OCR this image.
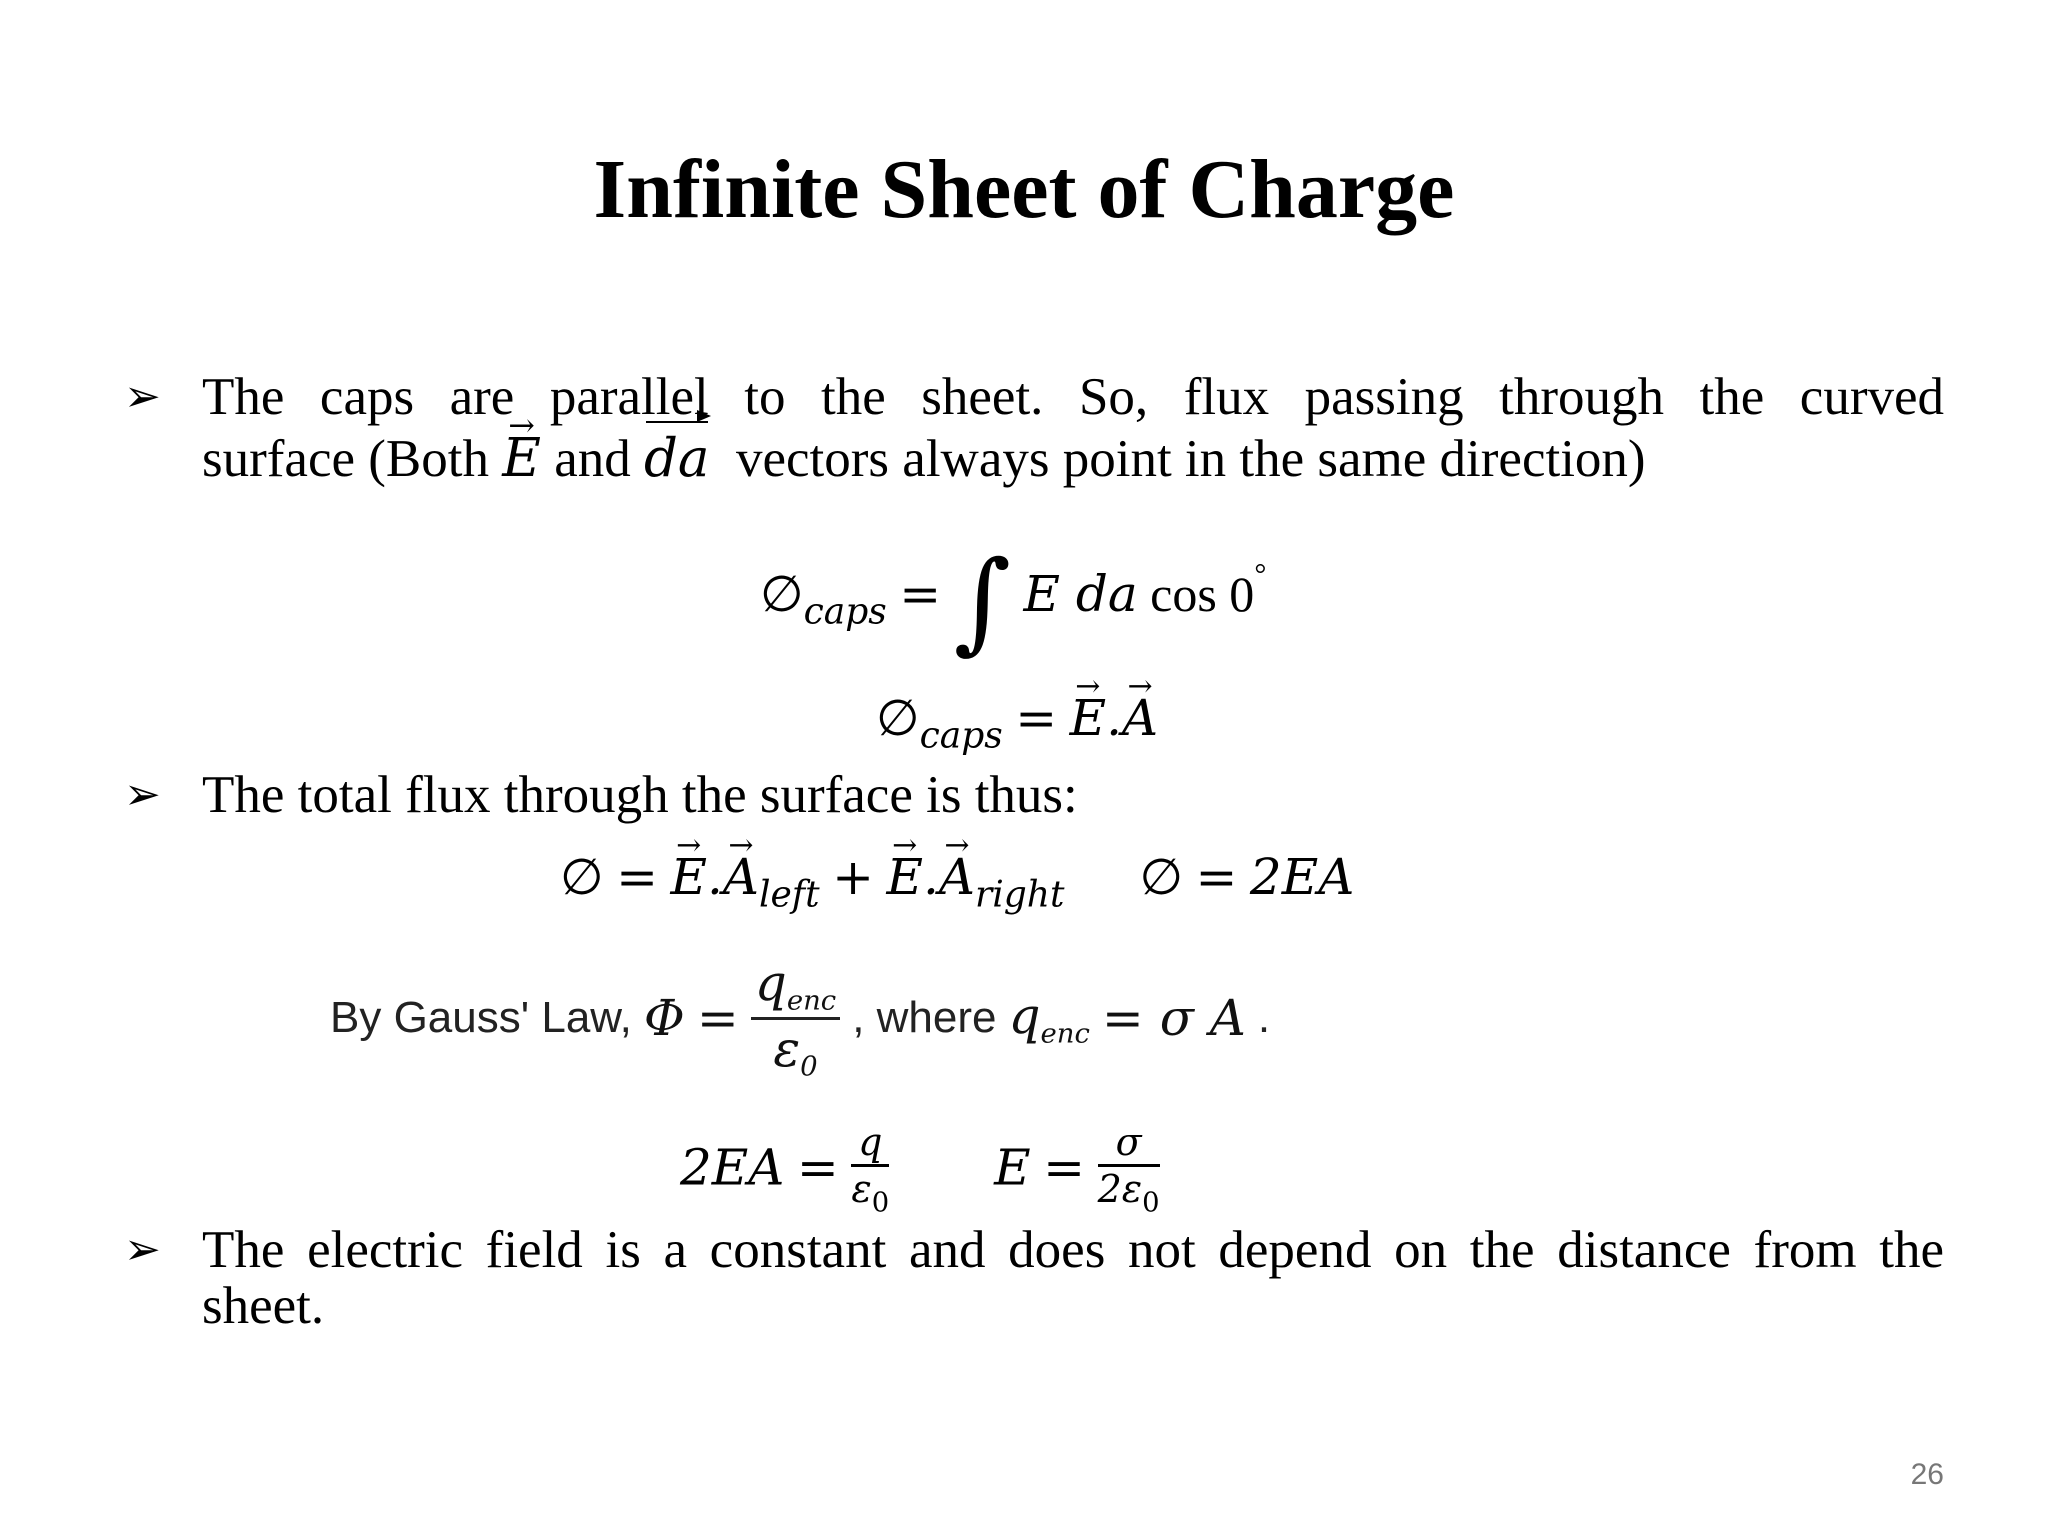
Infinite Sheet of Charge
➢ The caps are parallel to the sheet. So, flux passing through the curved
surface (Both → E and da vectors always point in the same direction)
$\emptyset_{caps}$ = ∫ E da cos 0°
$\emptyset_{caps}$ = → E.→ A
➢ The total flux through the surface is thus:
∅ = → $E.\to A_{left}$ + → $E.\to A_{right}$ ∅ = 2EA
By Gauss' Law, $\Phi = \frac{q_{enc}}{\varepsilon_0}$ , where $q_{enc} = \sigma$ A .
$2EA = \frac{q}{\varepsilon_0}$ $E = \frac{\sigma}{2\varepsilon_0}$
➢ The electric field is a constant and does not depend on the distance from the
sheet.
26
